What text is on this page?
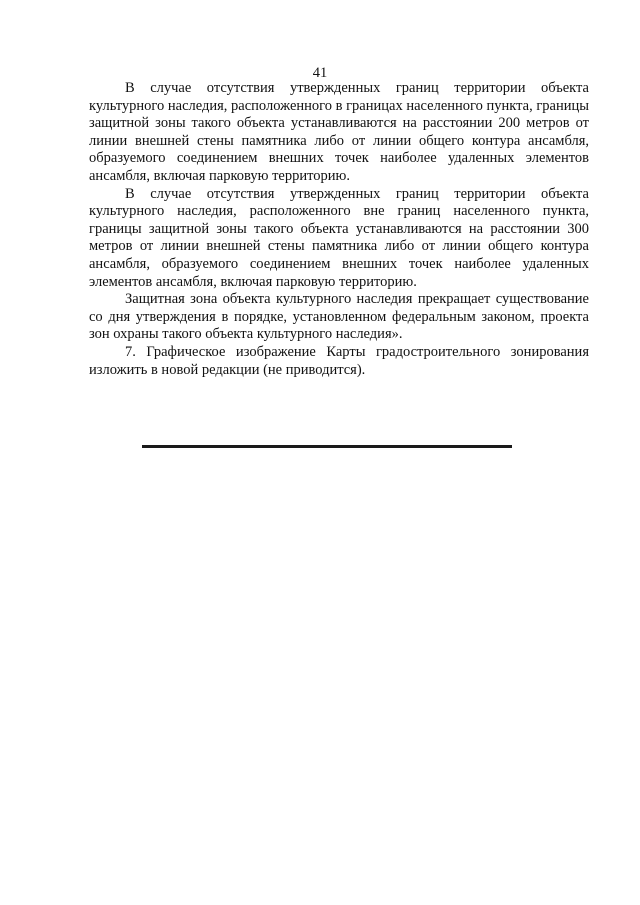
41

В случае отсутствия утвержденных границ территории объекта культурного наследия, расположенного в границах населенного пункта, границы защитной зоны такого объекта устанавливаются на расстоянии 200 метров от линии внешней стены памятника либо от линии общего контура ансамбля, образуемого соединением внешних точек наиболее удаленных элементов ансамбля, включая парковую территорию.

В случае отсутствия утвержденных границ территории объекта культурного наследия, расположенного вне границ населенного пункта, границы защитной зоны такого объекта устанавливаются на расстоянии 300 метров от линии внешней стены памятника либо от линии общего контура ансамбля, образуемого соединением внешних точек наиболее удаленных элементов ансамбля, включая парковую территорию.

Защитная зона объекта культурного наследия прекращает существование со дня утверждения в порядке, установленном федеральным законом, проекта зон охраны такого объекта культурного наследия».

7. Графическое изображение Карты градостроительного зонирования изложить в новой редакции (не приводится).
